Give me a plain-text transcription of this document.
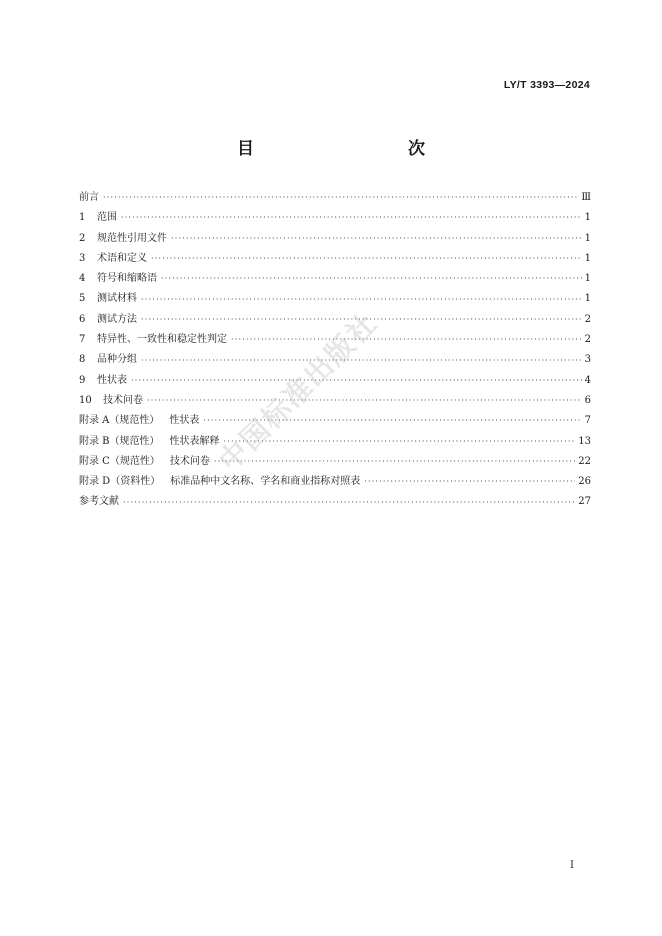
LY/T 3393—2024
目　　次
前言 ·····	Ⅲ
1	范围 ·····	1
2	规范性引用文件 ·····	1
3	术语和定义 ·····	1
4	符号和缩略语 ·····	1
5	测试材料 ·····	1
6	测试方法 ·····	2
7	特异性、一致性和稳定性判定 ·····	2
8	品种分组 ·····	3
9	性状表 ·····	4
10	技术问卷 ·····	6
附录 A（规范性）	性状表 ·····	7
附录 B（规范性）	性状表解释 ·····	13
附录 C（规范性）	技术问卷 ·····	22
附录 D（资料性）	标准品种中文名称、学名和商业指称对照表 ·····	26
参考文献 ·····	27
中国标准出版社
I
